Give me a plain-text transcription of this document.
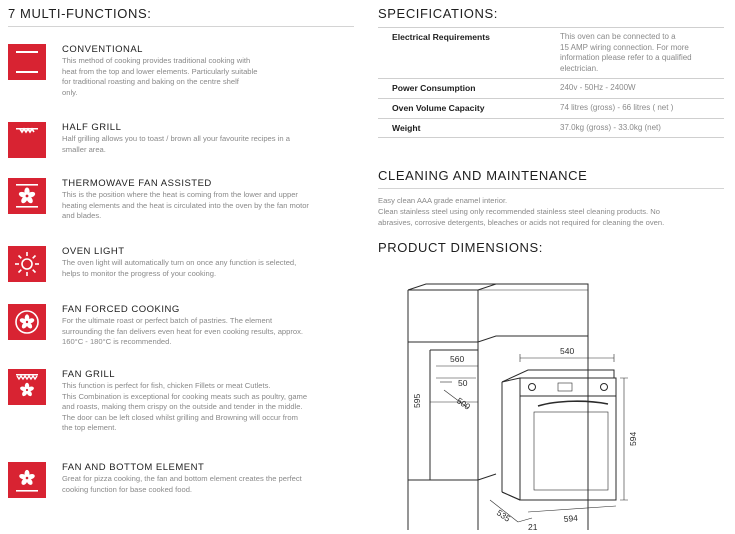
7 MULTI-FUNCTIONS:
CONVENTIONAL
This method of cooking provides traditional cooking with
heat from the top and lower elements. Particularly suitable
for traditional roasting and baking on the centre shelf
only.
HALF GRILL
Half grilling allows you to toast / brown all your favourite recipes in a
smaller area.
THERMOWAVE FAN ASSISTED
This is the position where the heat is coming from the lower and upper
heating elements and the heat is circulated into the oven by the fan motor
and blades.
OVEN LIGHT
The oven light will automatically turn on once any function is selected,
helps to monitor the progress of your cooking.
FAN FORCED COOKING
For the ultimate roast or perfect batch of pastries. The element
surrounding the fan delivers even heat for even cooking results, approx.
160°C - 180°C is recommended.
FAN GRILL
This function is perfect for fish, chicken Fillets or meat Cutlets.
This Combination is exceptional for cooking meats such as poultry, game
and roasts, making them crispy on the outside and tender in the middle.
The door can be left closed whilst grilling and Browning will occur from
the top element.
FAN AND BOTTOM ELEMENT
Great for pizza cooking, the fan and bottom element creates the perfect
cooking function for base cooked food.
SPECIFICATIONS:
Electrical Requirements	This oven can be connected to a
15 AMP wiring connection. For more
information please refer to a qualified
electrician.

Power Consumption	240v - 50Hz - 2400W
Oven Volume Capacity	74 litres (gross) - 66 litres ( net )
Weight	37.0kg (gross) - 33.0kg (net)
CLEANING AND MAINTENANCE
Easy clean AAA grade enamel interior.
Clean stainless steel using only recommended stainless steel cleaning products. No
abrasives, corrosive detergents, bleaches or acids not required for cleaning the oven.
PRODUCT DIMENSIONS:
595
560
540
50
500
594
535	594
21
